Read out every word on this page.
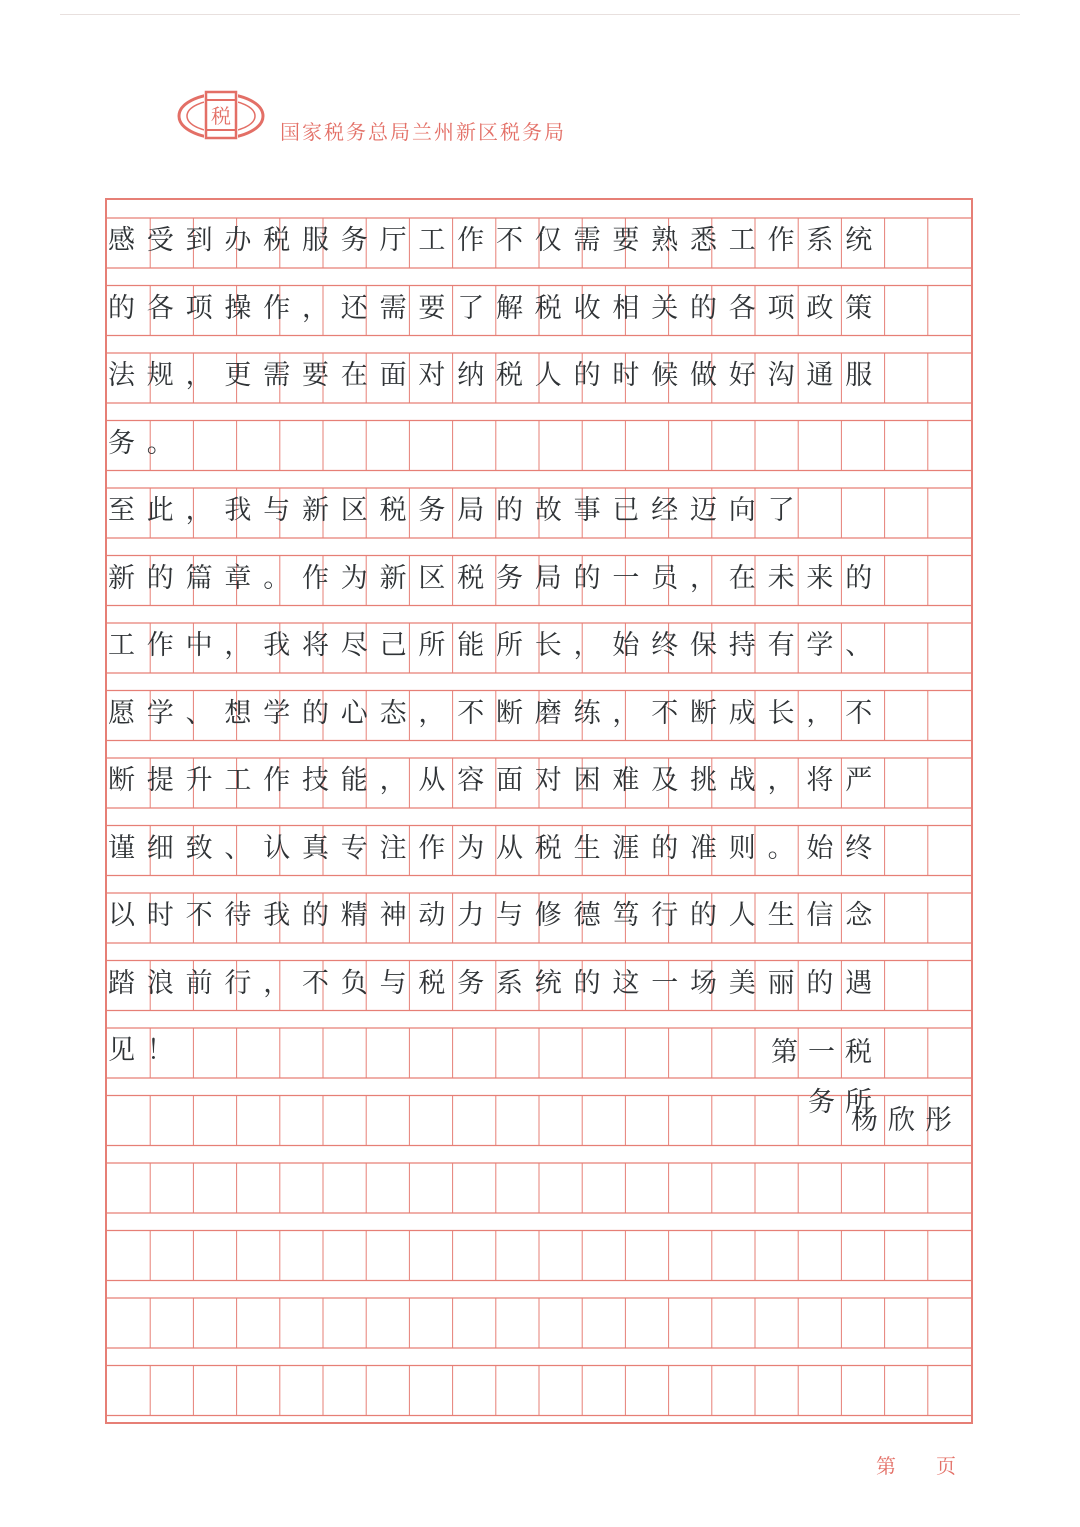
税
国家税务总局兰州新区税务局
感受到办税服务厅工作不仅需要熟悉工作系统
的各项操作，还需要了解税收相关的各项政策
法规，更需要在面对纳税人的时候做好沟通服
务。
至此，我与新区税务局的故事已经迈向了
新的篇章。作为新区税务局的一员，在未来的
工作中，我将尽己所能所长，始终保持有学、
愿学、想学的心态，不断磨练，不断成长，不
断提升工作技能，从容面对困难及挑战，将严
谨细致、认真专注作为从税生涯的准则。始终
以时不待我的精神动力与修德笃行的人生信念
踏浪前行，不负与税务系统的这一场美丽的遇
见！	第一税务所
杨欣彤
第 页
